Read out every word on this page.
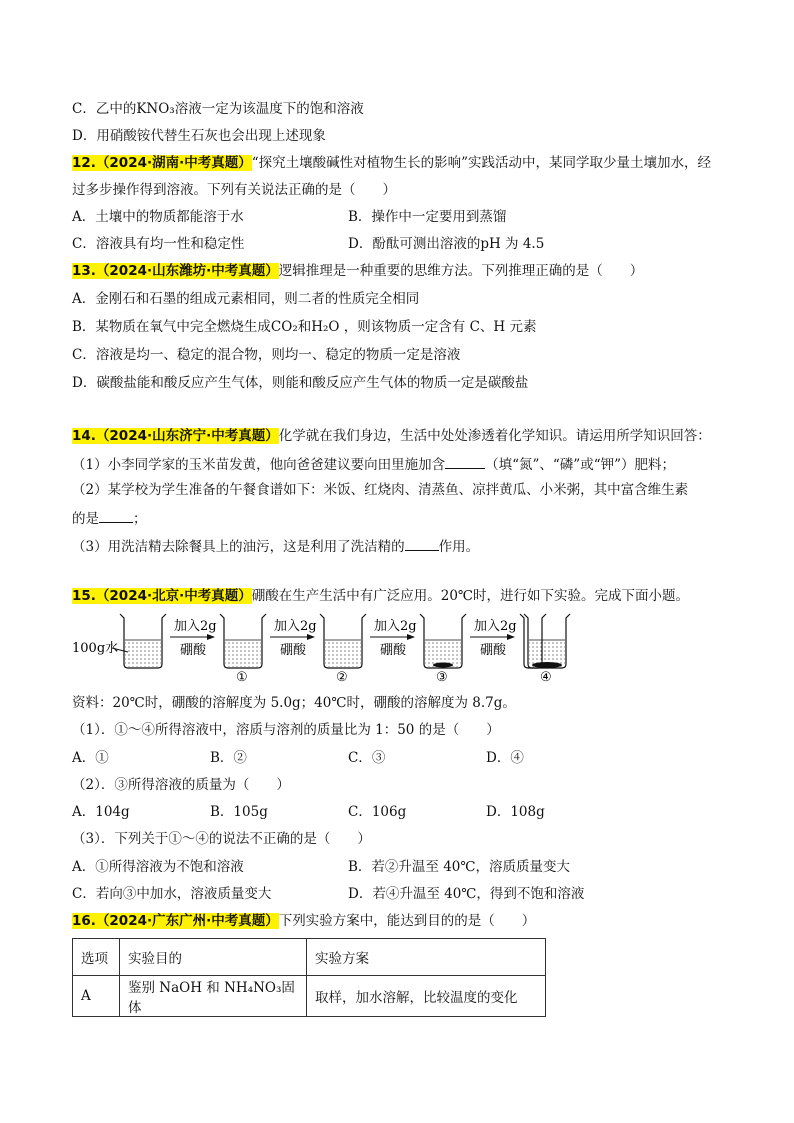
C．乙中的KNO₃溶液一定为该温度下的饱和溶液
D．用硝酸铵代替生石灰也会出现上述现象
12.（2024·湖南·中考真题）“探究土壤酸碱性对植物生长的影响”实践活动中，某同学取少量土壤加水，经
过多步操作得到溶液。下列有关说法正确的是（　　）
A．土壤中的物质都能溶于水	B．操作中一定要用到蒸馏
C．溶液具有均一性和稳定性	D．酚酞可测出溶液的pH 为 4.5
13.（2024·山东潍坊·中考真题）逻辑推理是一种重要的思维方法。下列推理正确的是（　　）
A．金刚石和石墨的组成元素相同，则二者的性质完全相同
B．某物质在氧气中完全燃烧生成CO₂和H₂O ，则该物质一定含有 C、H 元素
C．溶液是均一、稳定的混合物，则均一、稳定的物质一定是溶液
D．碳酸盐能和酸反应产生气体，则能和酸反应产生气体的物质一定是碳酸盐
14.（2024·山东济宁·中考真题）化学就在我们身边，生活中处处渗透着化学知识。请运用所学知识回答：
（1）小李同学家的玉米苗发黄，他向爸爸建议要向田里施加含	（填“氮”、“磷”或“钾”）肥料；
（2）某学校为学生准备的午餐食谱如下：米饭、红烧肉、清蒸鱼、凉拌黄瓜、小米粥，其中富含维生素
的是	；
（3）用洗洁精去除餐具上的油污，这是利用了洗洁精的	作用。
15.（2024·北京·中考真题）硼酸在生产生活中有广泛应用。20℃时，进行如下实验。完成下面小题。
100g水
加入2g
硼酸
①
加入2g
硼酸
②
加入2g
硼酸
③
加入2g
硼酸
④
资料：20℃时，硼酸的溶解度为 5.0g；40℃时，硼酸的溶解度为 8.7g。
（1）．①～④所得溶液中，溶质与溶剂的质量比为 1：50 的是（　　）
A．①	B．②	C．③	D．④
（2）．③所得溶液的质量为（　　）
A．104g	B．105g	C．106g	D．108g
（3）．下列关于①～④的说法不正确的是（　　）
A．①所得溶液为不饱和溶液	B．若②升温至 40℃，溶质质量变大
C．若向③中加水，溶液质量变大	D．若④升温至 40℃，得到不饱和溶液
16.（2024·广东广州·中考真题）下列实验方案中，能达到目的的是（　　）
选项	实验目的	实验方案
A	鉴别 NaOH 和 NH₄NO₃固体	取样，加水溶解，比较温度的变化
